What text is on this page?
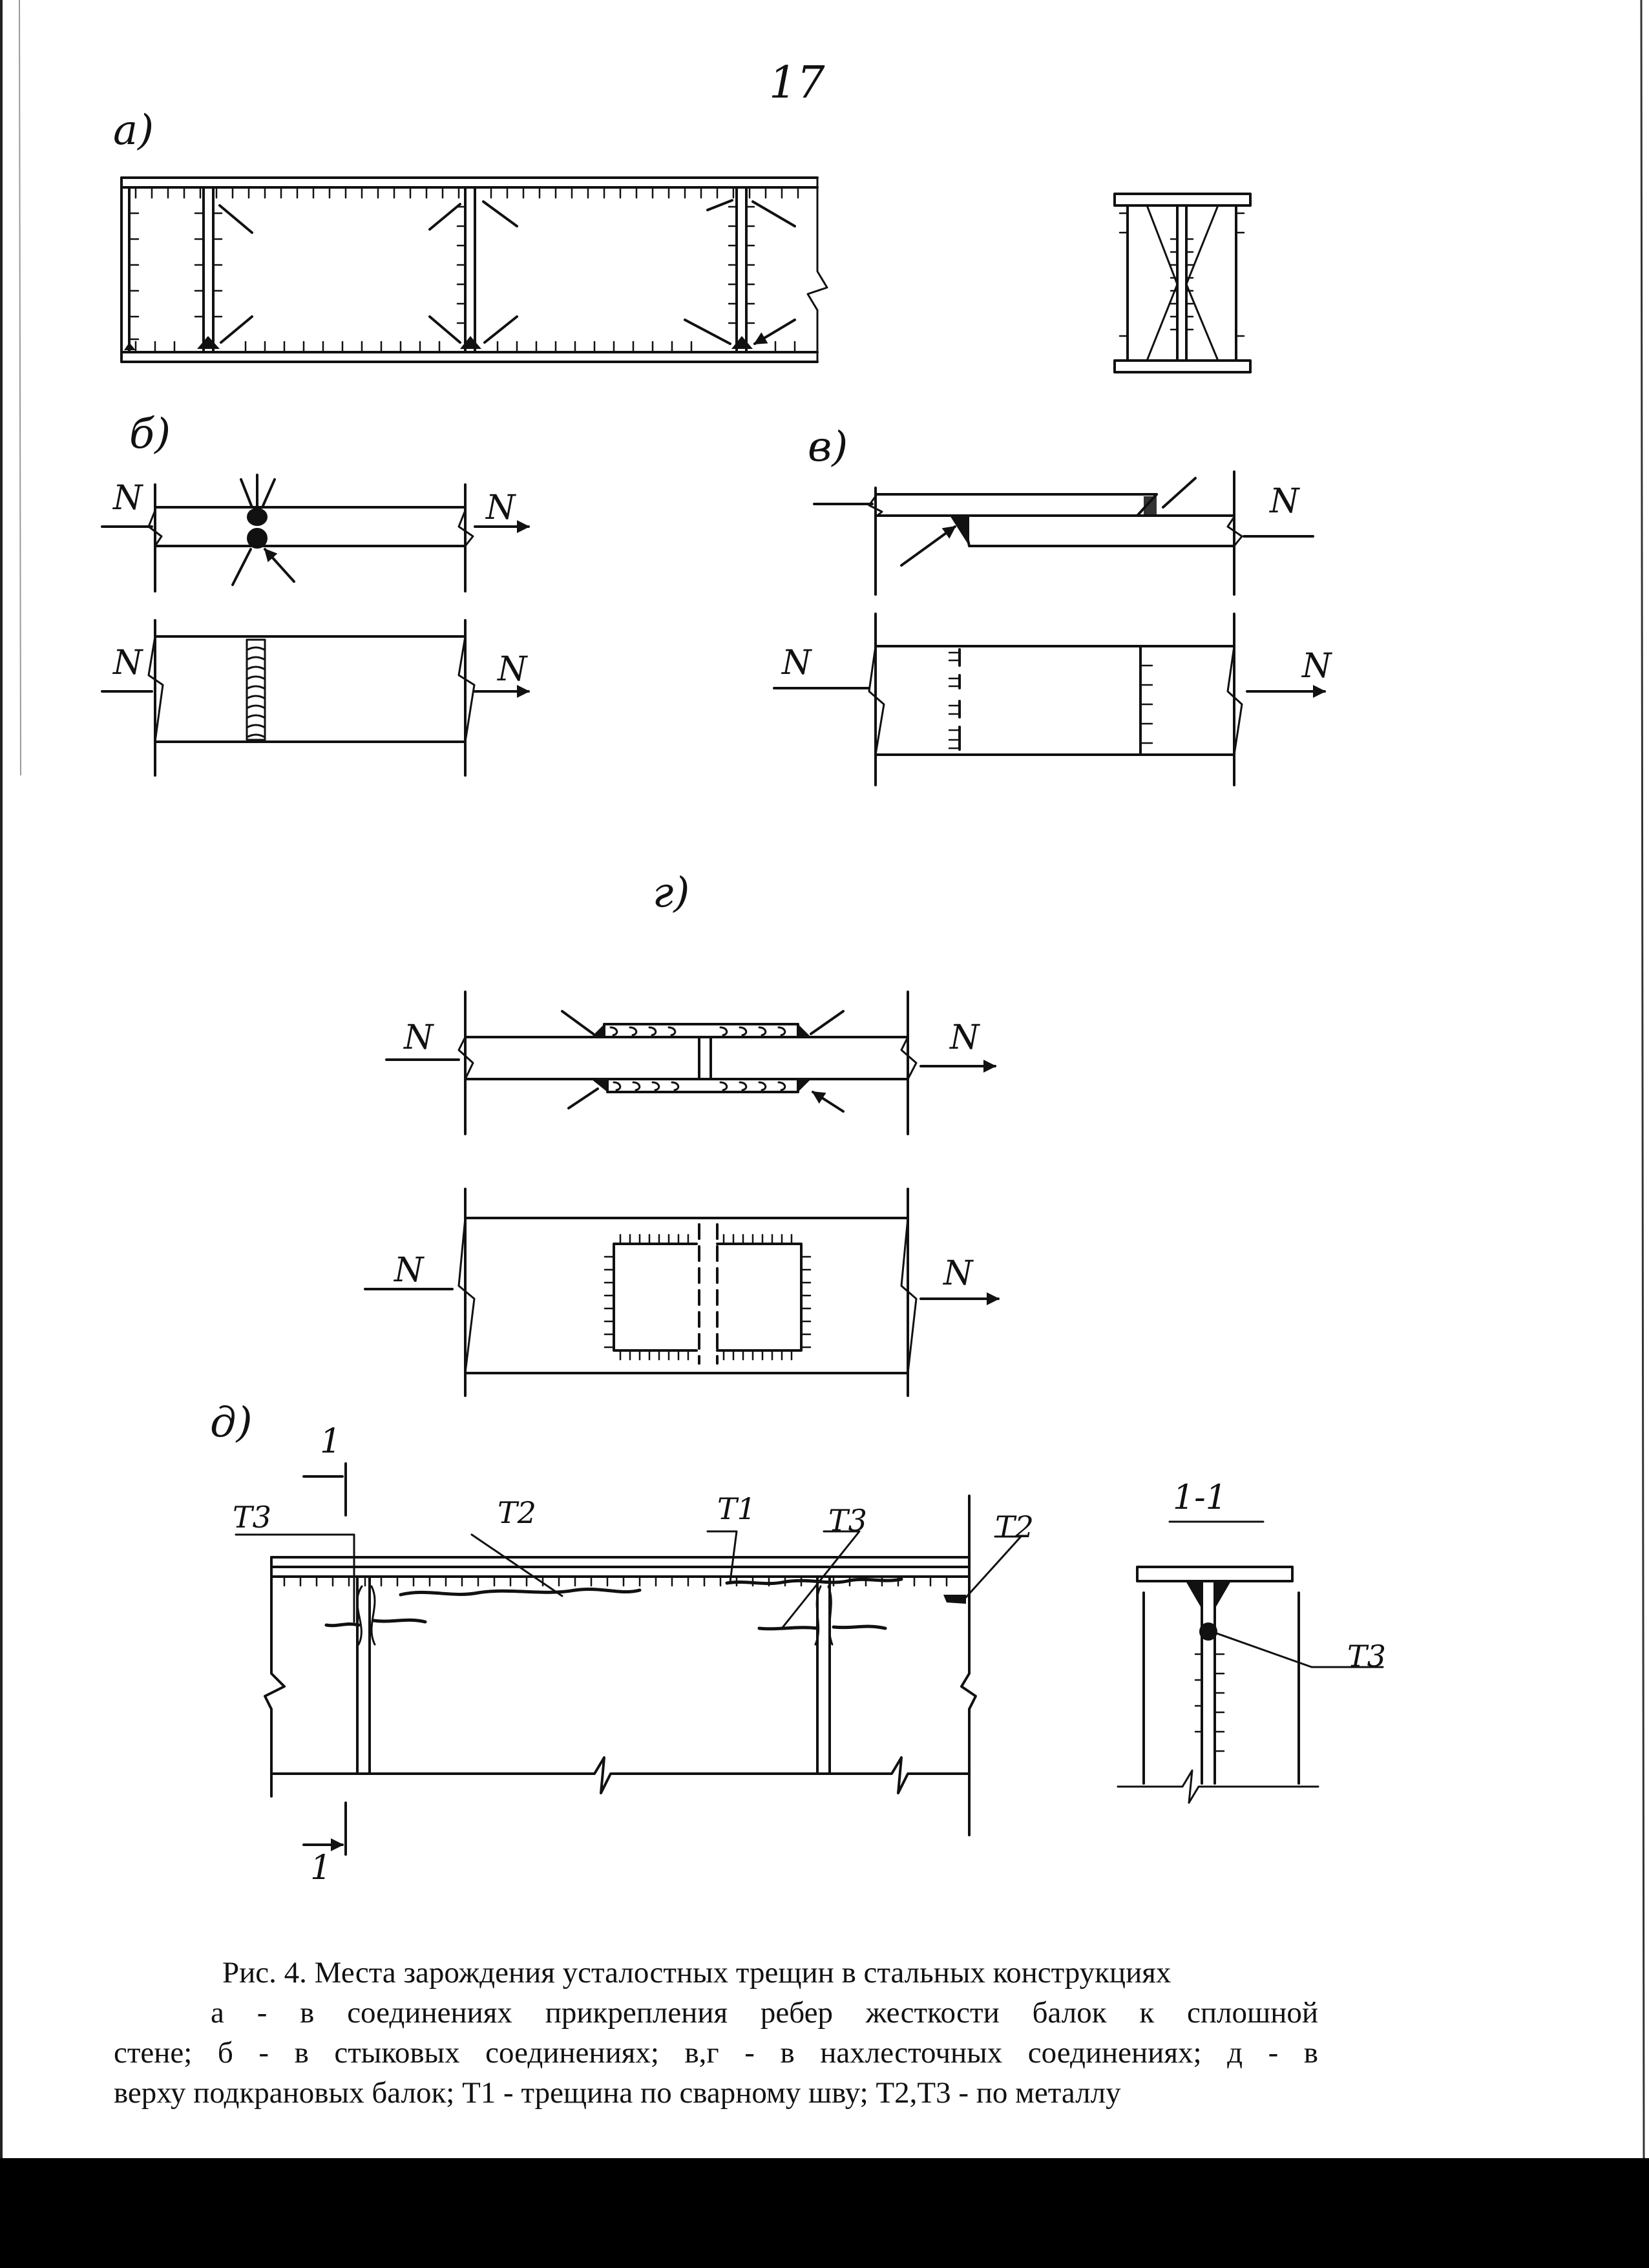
17
а)
б)	в)
г)
д)
N	N
N	N
N
N	N
N	N
N	N
T3	T2	T1 T3	T2
T3
1
1
1-1

Рис. 4. Места зарождения усталостных трещин в стальных конструкциях

а - в соединениях прикрепления ребер жесткости балок к сплошной

стене; б - в стыковых соединениях; в,г - в нахлесточных соединениях; д - в

верху подкрановых балок; Т1 - трещина по сварному шву; Т2,Т3 - по металлу
